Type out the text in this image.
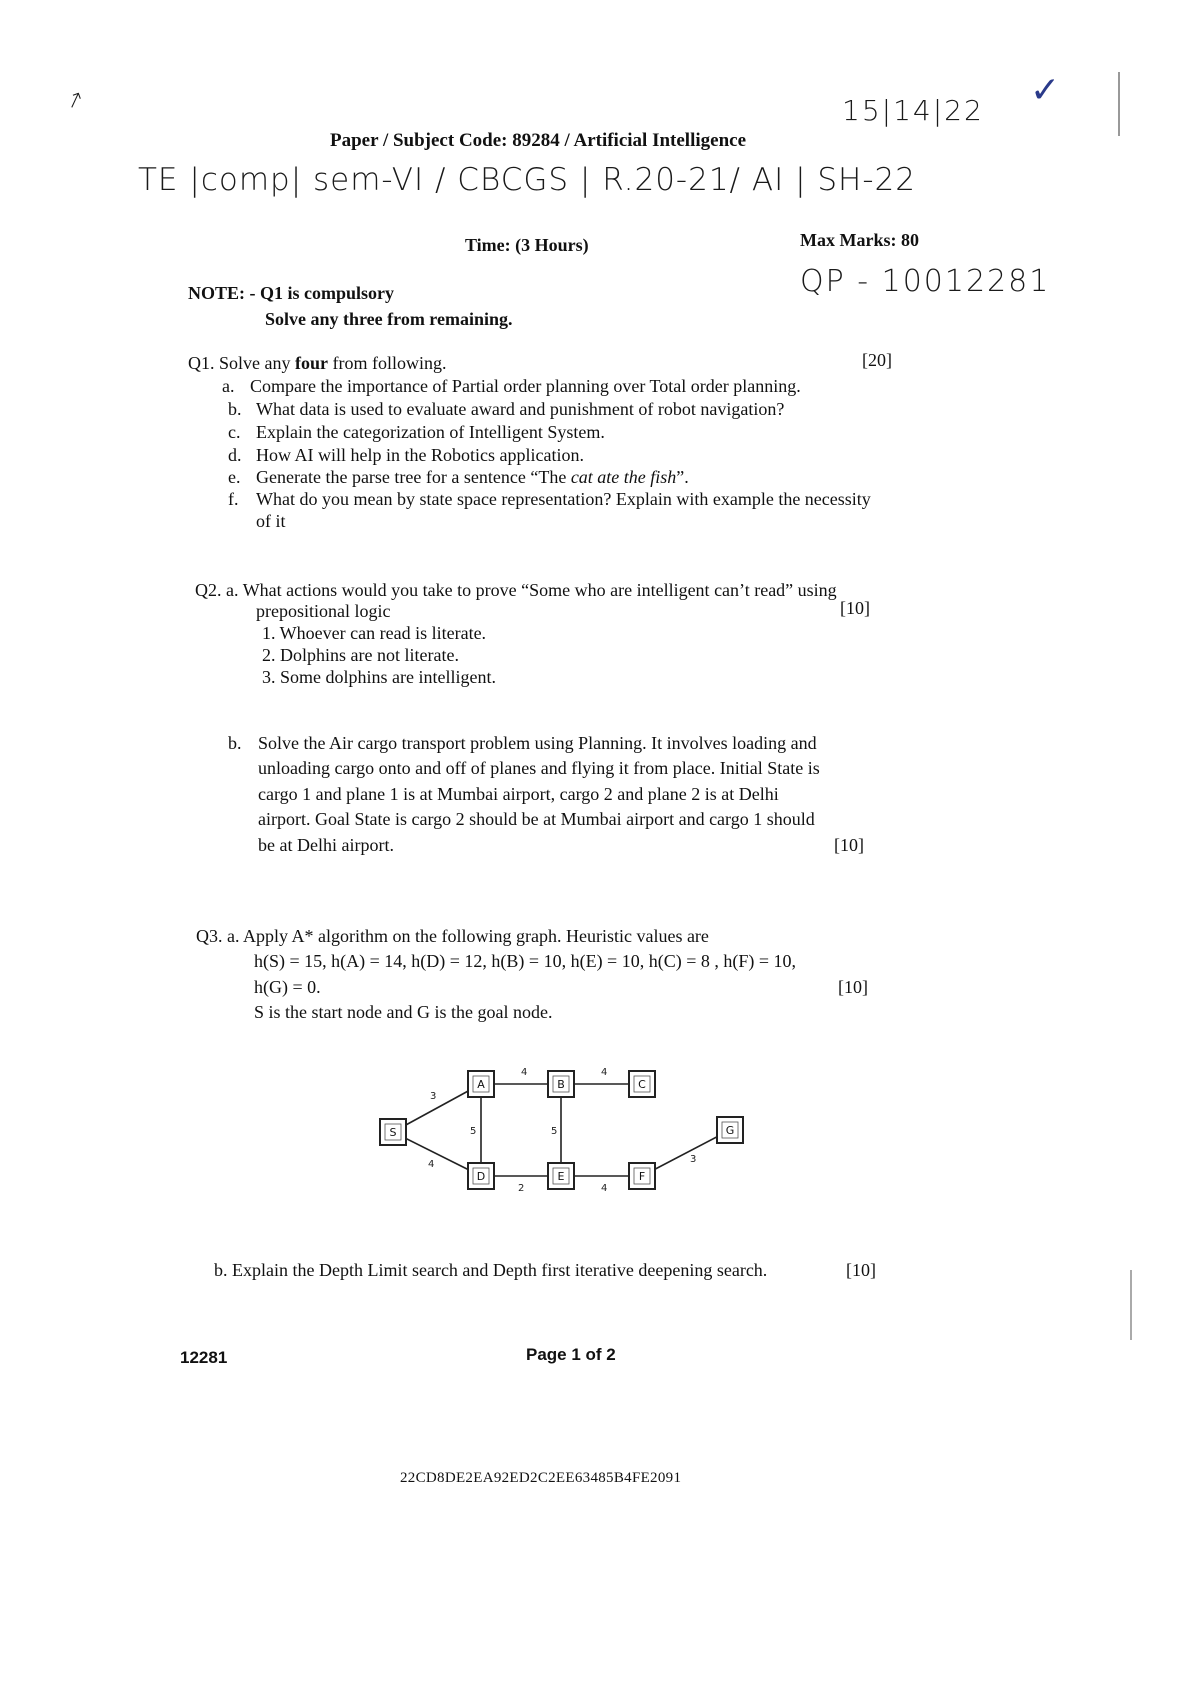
↗	15|14|22 ✓
Paper / Subject Code: 89284 / Artificial Intelligence
TE |comp| sem-VI / CBCGS | R.20-21/ AI | SH-22
Time: (3 Hours)	Max Marks: 80
QP - 10012281
NOTE: - Q1 is compulsory
Solve any three from remaining.
Q1. Solve any four from following.	[20]
a. Compare the importance of Partial order planning over Total order planning.
b. What data is used to evaluate award and punishment of robot navigation?
c. Explain the categorization of Intelligent System.
d. How AI will help in the Robotics application.
e. Generate the parse tree for a sentence “The cat ate the fish”.
f. What do you mean by state space representation? Explain with example the necessity
of it
Q2. a. What actions would you take to prove “Some who are intelligent can’t read” using
prepositional logic	[10]
1. Whoever can read is literate.
2. Dolphins are not literate.
3. Some dolphins are intelligent.
b. Solve the Air cargo transport problem using Planning. It involves loading and
unloading cargo onto and off of planes and flying it from place. Initial State is
cargo 1 and plane 1 is at Mumbai airport, cargo 2 and plane 2 is at Delhi
airport. Goal State is cargo 2 should be at Mumbai airport and cargo 1 should
be at Delhi airport.	[10]
Q3. a. Apply A* algorithm on the following graph. Heuristic values are
h(S) = 15, h(A) = 14, h(D) = 12, h(B) = 10, h(E) = 10, h(C) = 8 , h(F) = 10,
h(G) = 0.	[10]
S is the start node and G is the goal node.
3
4
4	4
5	5
2	4
3
S
A	B	C
D	E	F
G
b. Explain the Depth Limit search and Depth first iterative deepening search.	[10]
12281	Page 1 of 2
22CD8DE2EA92ED2C2EE63485B4FE2091
